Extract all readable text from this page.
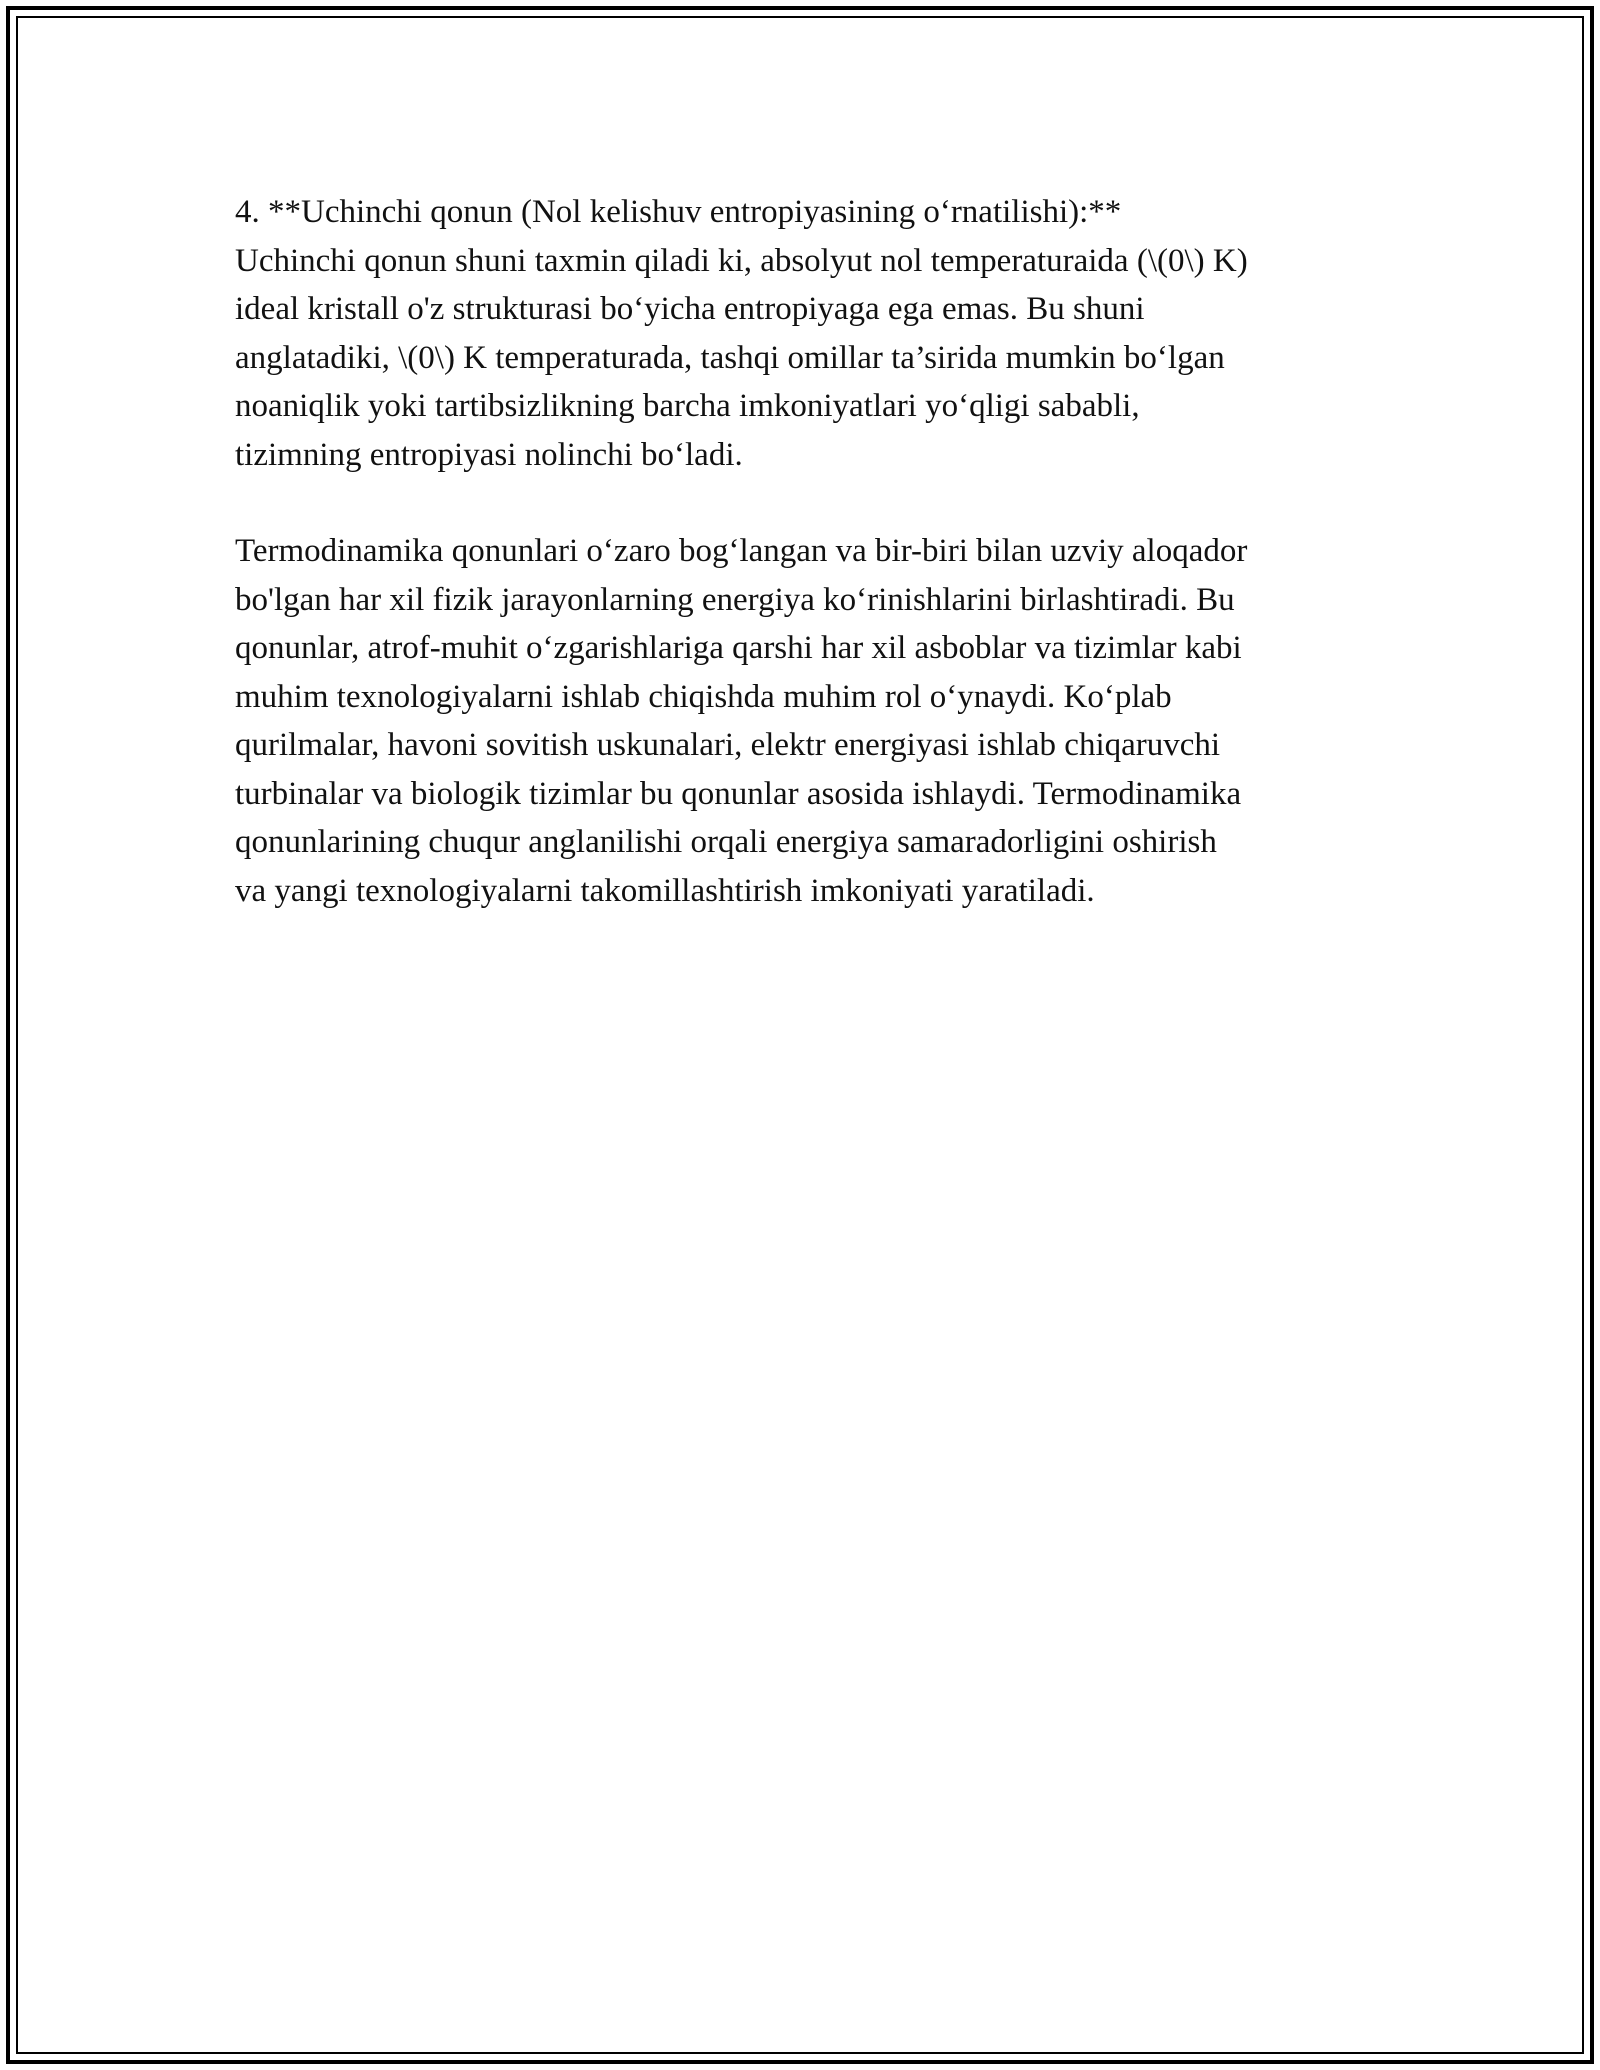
4. **Uchinchi qonun (Nol kelishuv entropiyasining oʻrnatilishi):**
Uchinchi qonun shuni taxmin qiladi ki, absolyut nol temperaturaida (\(0\) K)
ideal kristall o'z strukturasi boʻyicha entropiyaga ega emas. Bu shuni
anglatadiki, \(0\) K temperaturada, tashqi omillar ta’sirida mumkin boʻlgan
noaniqlik yoki tartibsizlikning barcha imkoniyatlari yoʻqligi sababli,
tizimning entropiyasi nolinchi boʻladi.

Termodinamika qonunlari oʻzaro bogʻlangan va bir-biri bilan uzviy aloqador
bo'lgan har xil fizik jarayonlarning energiya koʻrinishlarini birlashtiradi. Bu
qonunlar, atrof-muhit oʻzgarishlariga qarshi har xil asboblar va tizimlar kabi
muhim texnologiyalarni ishlab chiqishda muhim rol oʻynaydi. Koʻplab
qurilmalar, havoni sovitish uskunalari, elektr energiyasi ishlab chiqaruvchi
turbinalar va biologik tizimlar bu qonunlar asosida ishlaydi. Termodinamika
qonunlarining chuqur anglanilishi orqali energiya samaradorligini oshirish
va yangi texnologiyalarni takomillashtirish imkoniyati yaratiladi.
